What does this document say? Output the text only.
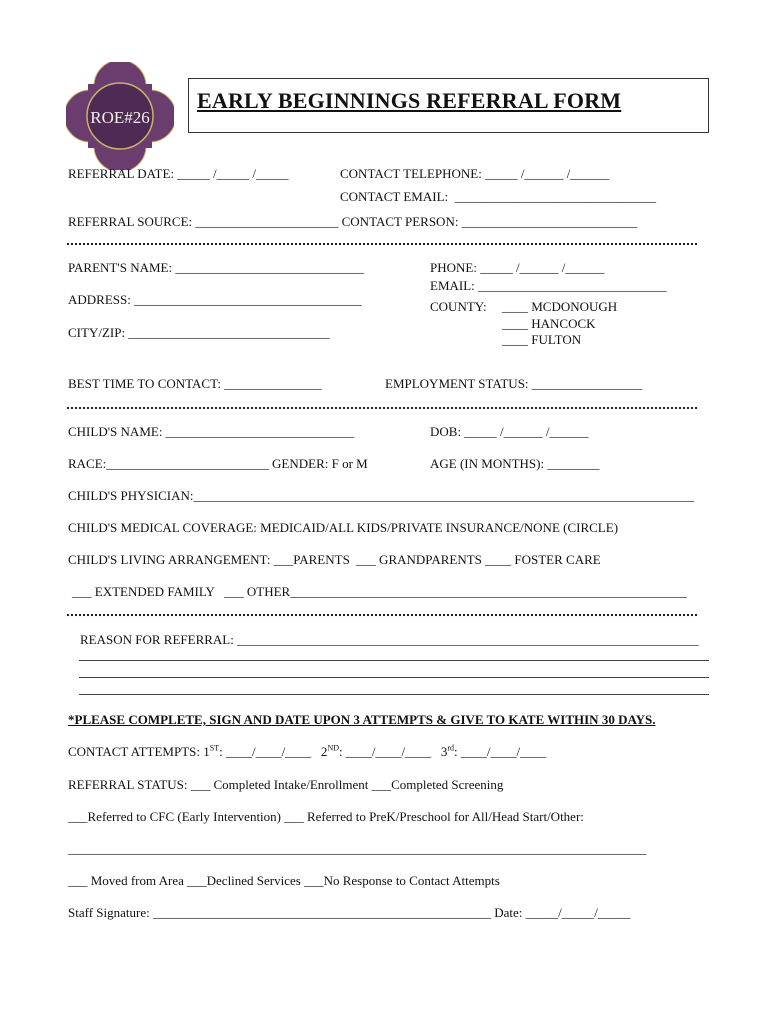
ROE#26
EARLY BEGINNINGS REFERRAL FORM
REFERRAL DATE: _____ /_____ /_____	CONTACT TELEPHONE: _____ /______ /______
CONTACT EMAIL:  _______________________________
REFERRAL SOURCE: ______________________ CONTACT PERSON: ___________________________
PARENT'S NAME: _____________________________	PHONE: _____ /______ /______
EMAIL: _____________________________
ADDRESS: ___________________________________	COUNTY: ____ MCDONOUGH
____ HANCOCK
____ FULTON
CITY/ZIP: _______________________________
BEST TIME TO CONTACT: _______________	EMPLOYMENT STATUS: _________________
CHILD'S NAME: _____________________________	DOB: _____ /______ /______
RACE:_________________________ GENDER: F or M	AGE (IN MONTHS): ________
CHILD'S PHYSICIAN:_____________________________________________________________________________
CHILD'S MEDICAL COVERAGE: MEDICAID/ALL KIDS/PRIVATE INSURANCE/NONE (CIRCLE)
CHILD'S LIVING ARRANGEMENT: ___PARENTS  ___ GRANDPARENTS ____ FOSTER CARE
___ EXTENDED FAMILY   ___ OTHER_____________________________________________________________
REASON FOR REFERRAL: _______________________________________________________________________
*PLEASE COMPLETE, SIGN AND DATE UPON 3 ATTEMPTS & GIVE TO KATE WITHIN 30 DAYS.
CONTACT ATTEMPTS: 1ST: ____/____/____   2ND: ____/____/____   3rd: ____/____/____
REFERRAL STATUS: ___ Completed Intake/Enrollment ___Completed Screening
___Referred to CFC (Early Intervention) ___ Referred to PreK/Preschool for All/Head Start/Other:
_________________________________________________________________________________________
___ Moved from Area ___Declined Services ___No Response to Contact Attempts
Staff Signature: ____________________________________________________ Date: _____/_____/_____
